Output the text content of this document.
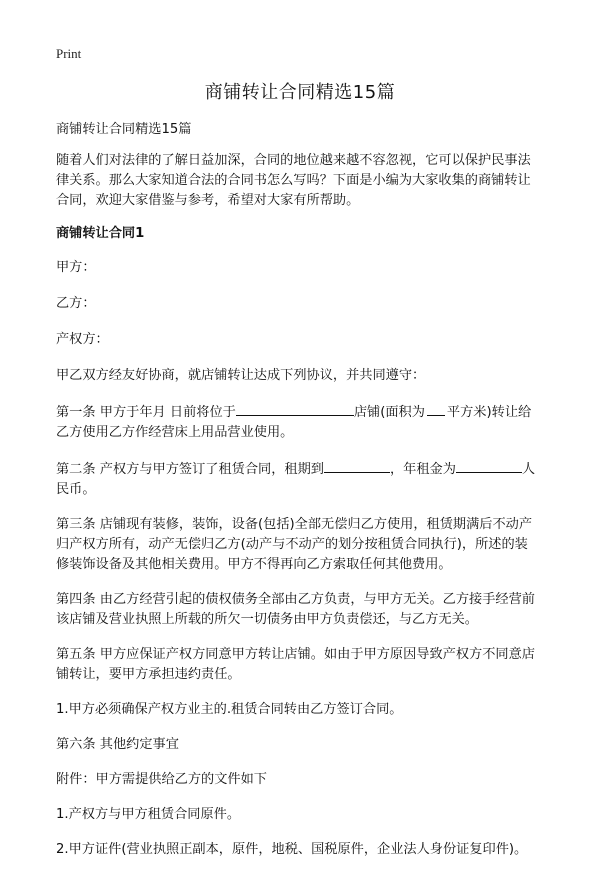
Print
商铺转让合同精选15篇

商铺转让合同精选15篇

随着人们对法律的了解日益加深，合同的地位越来越不容忽视，它可以保护民事法律关系。那么大家知道合法的合同书怎么写吗？下面是小编为大家收集的商铺转让合同，欢迎大家借鉴与参考，希望对大家有所帮助。

商铺转让合同1

甲方：

乙方：

产权方：

甲乙双方经友好协商，就店铺转让达成下列协议，并共同遵守：

第一条 甲方于年月 日前将位于	店铺(面积为 平方米)转让给乙方使用乙方作经营床上用品营业使用。

第二条 产权方与甲方签订了租赁合同，租期到	，年租金为	人民币。

第三条 店铺现有装修，装饰，设备(包括)全部无偿归乙方使用，租赁期满后不动产归产权方所有，动产无偿归乙方(动产与不动产的划分按租赁合同执行)，所述的装修装饰设备及其他相关费用。甲方不得再向乙方索取任何其他费用。

第四条 由乙方经营引起的债权债务全部由乙方负责，与甲方无关。乙方接手经营前该店铺及营业执照上所载的所欠一切债务由甲方负责偿还，与乙方无关。

第五条 甲方应保证产权方同意甲方转让店铺。如由于甲方原因导致产权方不同意店铺转让，要甲方承担违约责任。

1.甲方必须确保产权方业主的.租赁合同转由乙方签订合同。

第六条 其他约定事宜

附件：甲方需提供给乙方的文件如下

1.产权方与甲方租赁合同原件。

2.甲方证件(营业执照正副本，原件，地税、国税原件，企业法人身份证复印件)。
